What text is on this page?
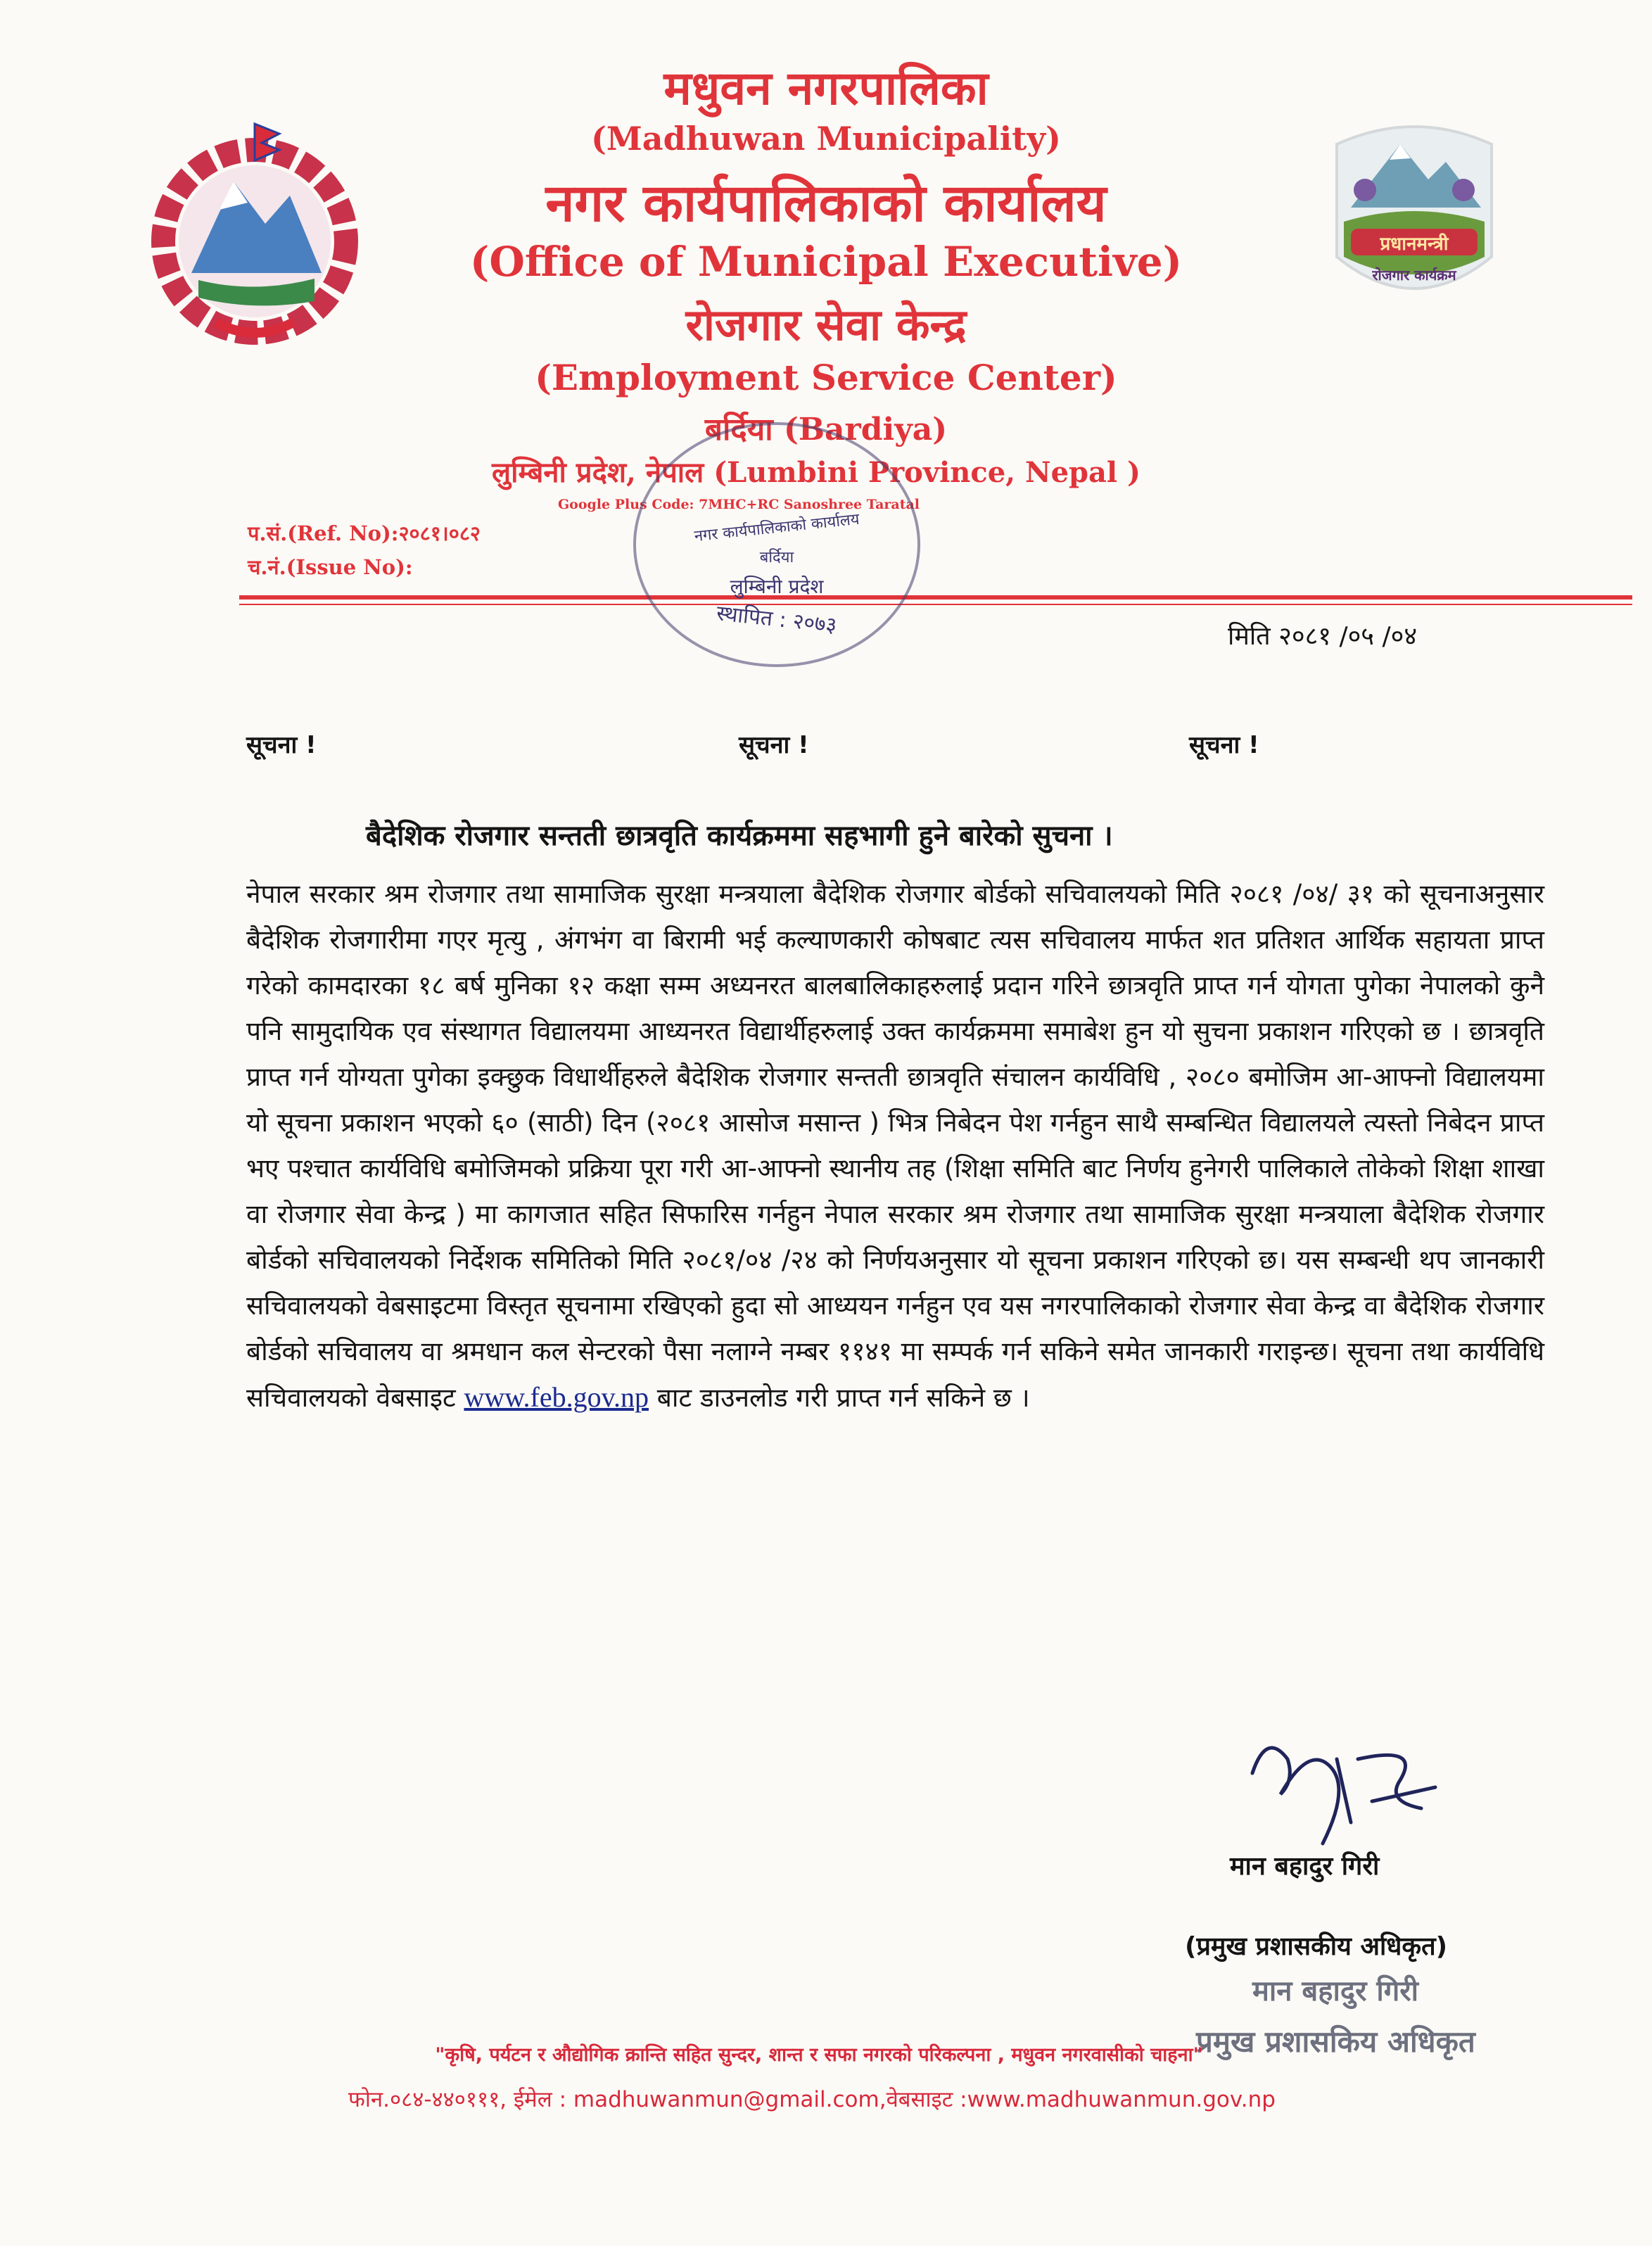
प्रधानमन्त्री
रोजगार कार्यक्रम
मधुवन नगरपालिका
(Madhuwan Municipality)
नगर कार्यपालिकाको कार्यालय
(Office of Municipal Executive)
रोजगार सेवा केन्द्र
(Employment Service Center)
बर्दिया (Bardiya)
लुम्बिनी प्रदेश, नेपाल (Lumbini Province, Nepal )
Google Plus Code: 7MHC+RC Sanoshree Taratal
प.सं.(Ref. No):२०८१।०८२
च.नं.(Issue No):
नगर कार्यपालिकाको कार्यालय
बर्दिया
लुम्बिनी प्रदेश
स्थापित : २०७३	मिति २०८१ /०५ /०४
सूचना !	सूचना !	सूचना !
बैदेशिक रोजगार सन्तती छात्रवृति कार्यक्रममा सहभागी हुने बारेको सुचना ।

नेपाल सरकार श्रम रोजगार तथा सामाजिक सुरक्षा मन्त्रयाला बैदेशिक रोजगार बोर्डको सचिवालयको मिति २०८१ /०४/ ३१ को सूचनाअनुसार बैदेशिक रोजगारीमा गएर मृत्यु , अंगभंग वा बिरामी भई कल्याणकारी कोषबाट त्यस सचिवालय मार्फत शत प्रतिशत आर्थिक सहायता प्राप्त गरेको कामदारका १८ बर्ष मुनिका १२ कक्षा सम्म अध्यनरत बालबालिकाहरुलाई प्रदान गरिने छात्रवृति प्राप्त गर्न योगता पुगेका नेपालको कुनै पनि सामुदायिक एव संस्थागत विद्यालयमा आध्यनरत विद्यार्थीहरुलाई उक्त कार्यक्रममा समाबेश हुन यो सुचना प्रकाशन गरिएको छ । छात्रवृति प्राप्त गर्न योग्यता पुगेका इक्छुक विधार्थीहरुले बैदेशिक रोजगार सन्तती छात्रवृति संचालन कार्यविधि , २०८० बमोजिम आ-आफ्नो विद्यालयमा यो सूचना प्रकाशन भएको ६० (साठी) दिन (२०८१ आसोज मसान्त ) भित्र निबेदन पेश गर्नहुन साथै सम्बन्धित विद्यालयले त्यस्तो निबेदन प्राप्त भए पश्चात कार्यविधि बमोजिमको प्रक्रिया पूरा गरी आ-आफ्नो स्थानीय तह (शिक्षा समिति बाट निर्णय हुनेगरी पालिकाले तोकेको शिक्षा शाखा वा रोजगार सेवा केन्द्र ) मा कागजात सहित सिफारिस गर्नहुन नेपाल सरकार श्रम रोजगार तथा सामाजिक सुरक्षा मन्त्रयाला बैदेशिक रोजगार बोर्डको सचिवालयको निर्देशक समितिको मिति २०८१/०४ /२४ को निर्णयअनुसार यो सूचना प्रकाशन गरिएको छ। यस सम्बन्धी थप जानकारी सचिवालयको वेबसाइटमा विस्तृत सूचनामा रखिएको हुदा सो आध्ययन गर्नहुन एव यस नगरपालिकाको रोजगार सेवा केन्द्र वा बैदेशिक रोजगार बोर्डको सचिवालय वा श्रमधान कल सेन्टरको पैसा नलाग्ने नम्बर ११४१ मा सम्पर्क गर्न सकिने समेत जानकारी गराइन्छ। सूचना तथा कार्यविधि सचिवालयको वेबसाइट www.feb.gov.np बाट डाउनलोड गरी प्राप्त गर्न सकिने छ ।

मान बहादुर गिरी
(प्रमुख प्रशासकीय अधिकृत)
मान बहादुर गिरी
प्रमुख प्रशासकिय अधिकृत
"कृषि, पर्यटन र औद्योगिक क्रान्ति सहित सुन्दर, शान्त र सफा नगरको परिकल्पना , मधुवन नगरवासीको चाहना"
फोन.०८४-४४०१११, ईमेल : madhuwanmun@gmail.com,वेबसाइट :www.madhuwanmun.gov.np
